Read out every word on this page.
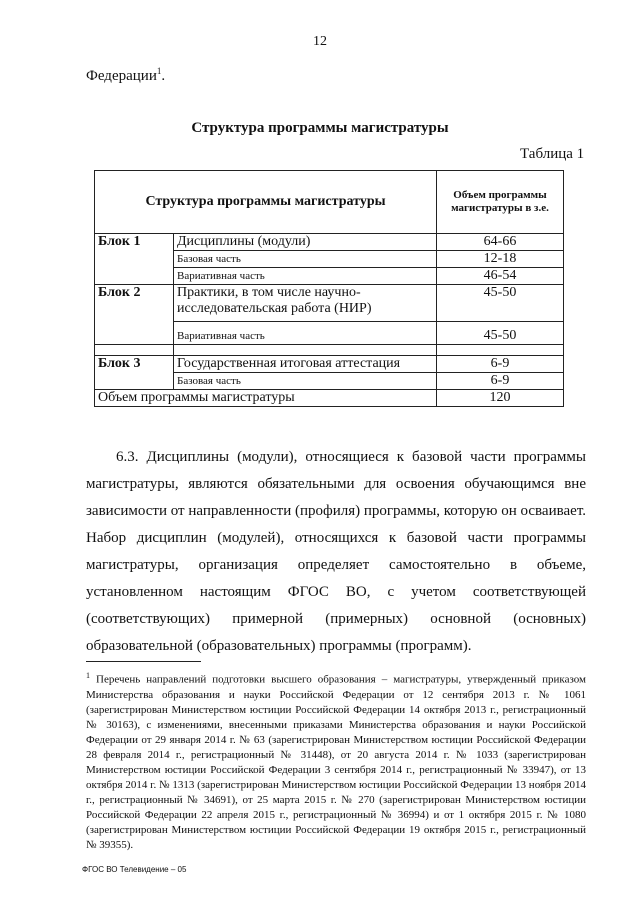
12
Федерации$^1$.
Структура программы магистратуры
Таблица 1
Структура программы магистратуры		Объем программы магистратуры в з.е.
Блок 1	Дисциплины (модули)	64-66
	Базовая часть	12-18
	Вариативная часть	46-54
Блок 2	Практики, в том числе научно-исследовательская работа (НИР)	45-50
	Вариативная часть	45-50

Блок 3	Государственная итоговая аттестация	6-9
	Базовая часть	6-9
Объем программы магистратуры		120
6.3. Дисциплины (модули), относящиеся к базовой части программы магистратуры, являются обязательными для освоения обучающимся вне зависимости от направленности (профиля) программы, которую он осваивает. Набор дисциплин (модулей), относящихся к базовой части программы магистратуры, организация определяет самостоятельно в объеме, установленном настоящим ФГОС ВО, с учетом соответствующей (соответствующих) примерной (примерных) основной (основных) образовательной (образовательных) программы (программ).
$^1$ Перечень направлений подготовки высшего образования – магистратуры, утвержденный приказом Министерства образования и науки Российской Федерации от 12 сентября 2013 г. № 1061 (зарегистрирован Министерством юстиции Российской Федерации 14 октября 2013 г., регистрационный № 30163), с изменениями, внесенными приказами Министерства образования и науки Российской Федерации от 29 января 2014 г. № 63 (зарегистрирован Министерством юстиции Российской Федерации 28 февраля 2014 г., регистрационный № 31448), от 20 августа 2014 г. № 1033 (зарегистрирован Министерством юстиции Российской Федерации 3 сентября 2014 г., регистрационный № 33947), от 13 октября 2014 г. № 1313 (зарегистрирован Министерством юстиции Российской Федерации 13 ноября 2014 г., регистрационный № 34691), от 25 марта 2015 г. № 270 (зарегистрирован Министерством юстиции Российской Федерации 22 апреля 2015 г., регистрационный № 36994) и от 1 октября 2015 г. № 1080 (зарегистрирован Министерством юстиции Российской Федерации 19 октября 2015 г., регистрационный № 39355).
ФГОС ВО Телевидение – 05
